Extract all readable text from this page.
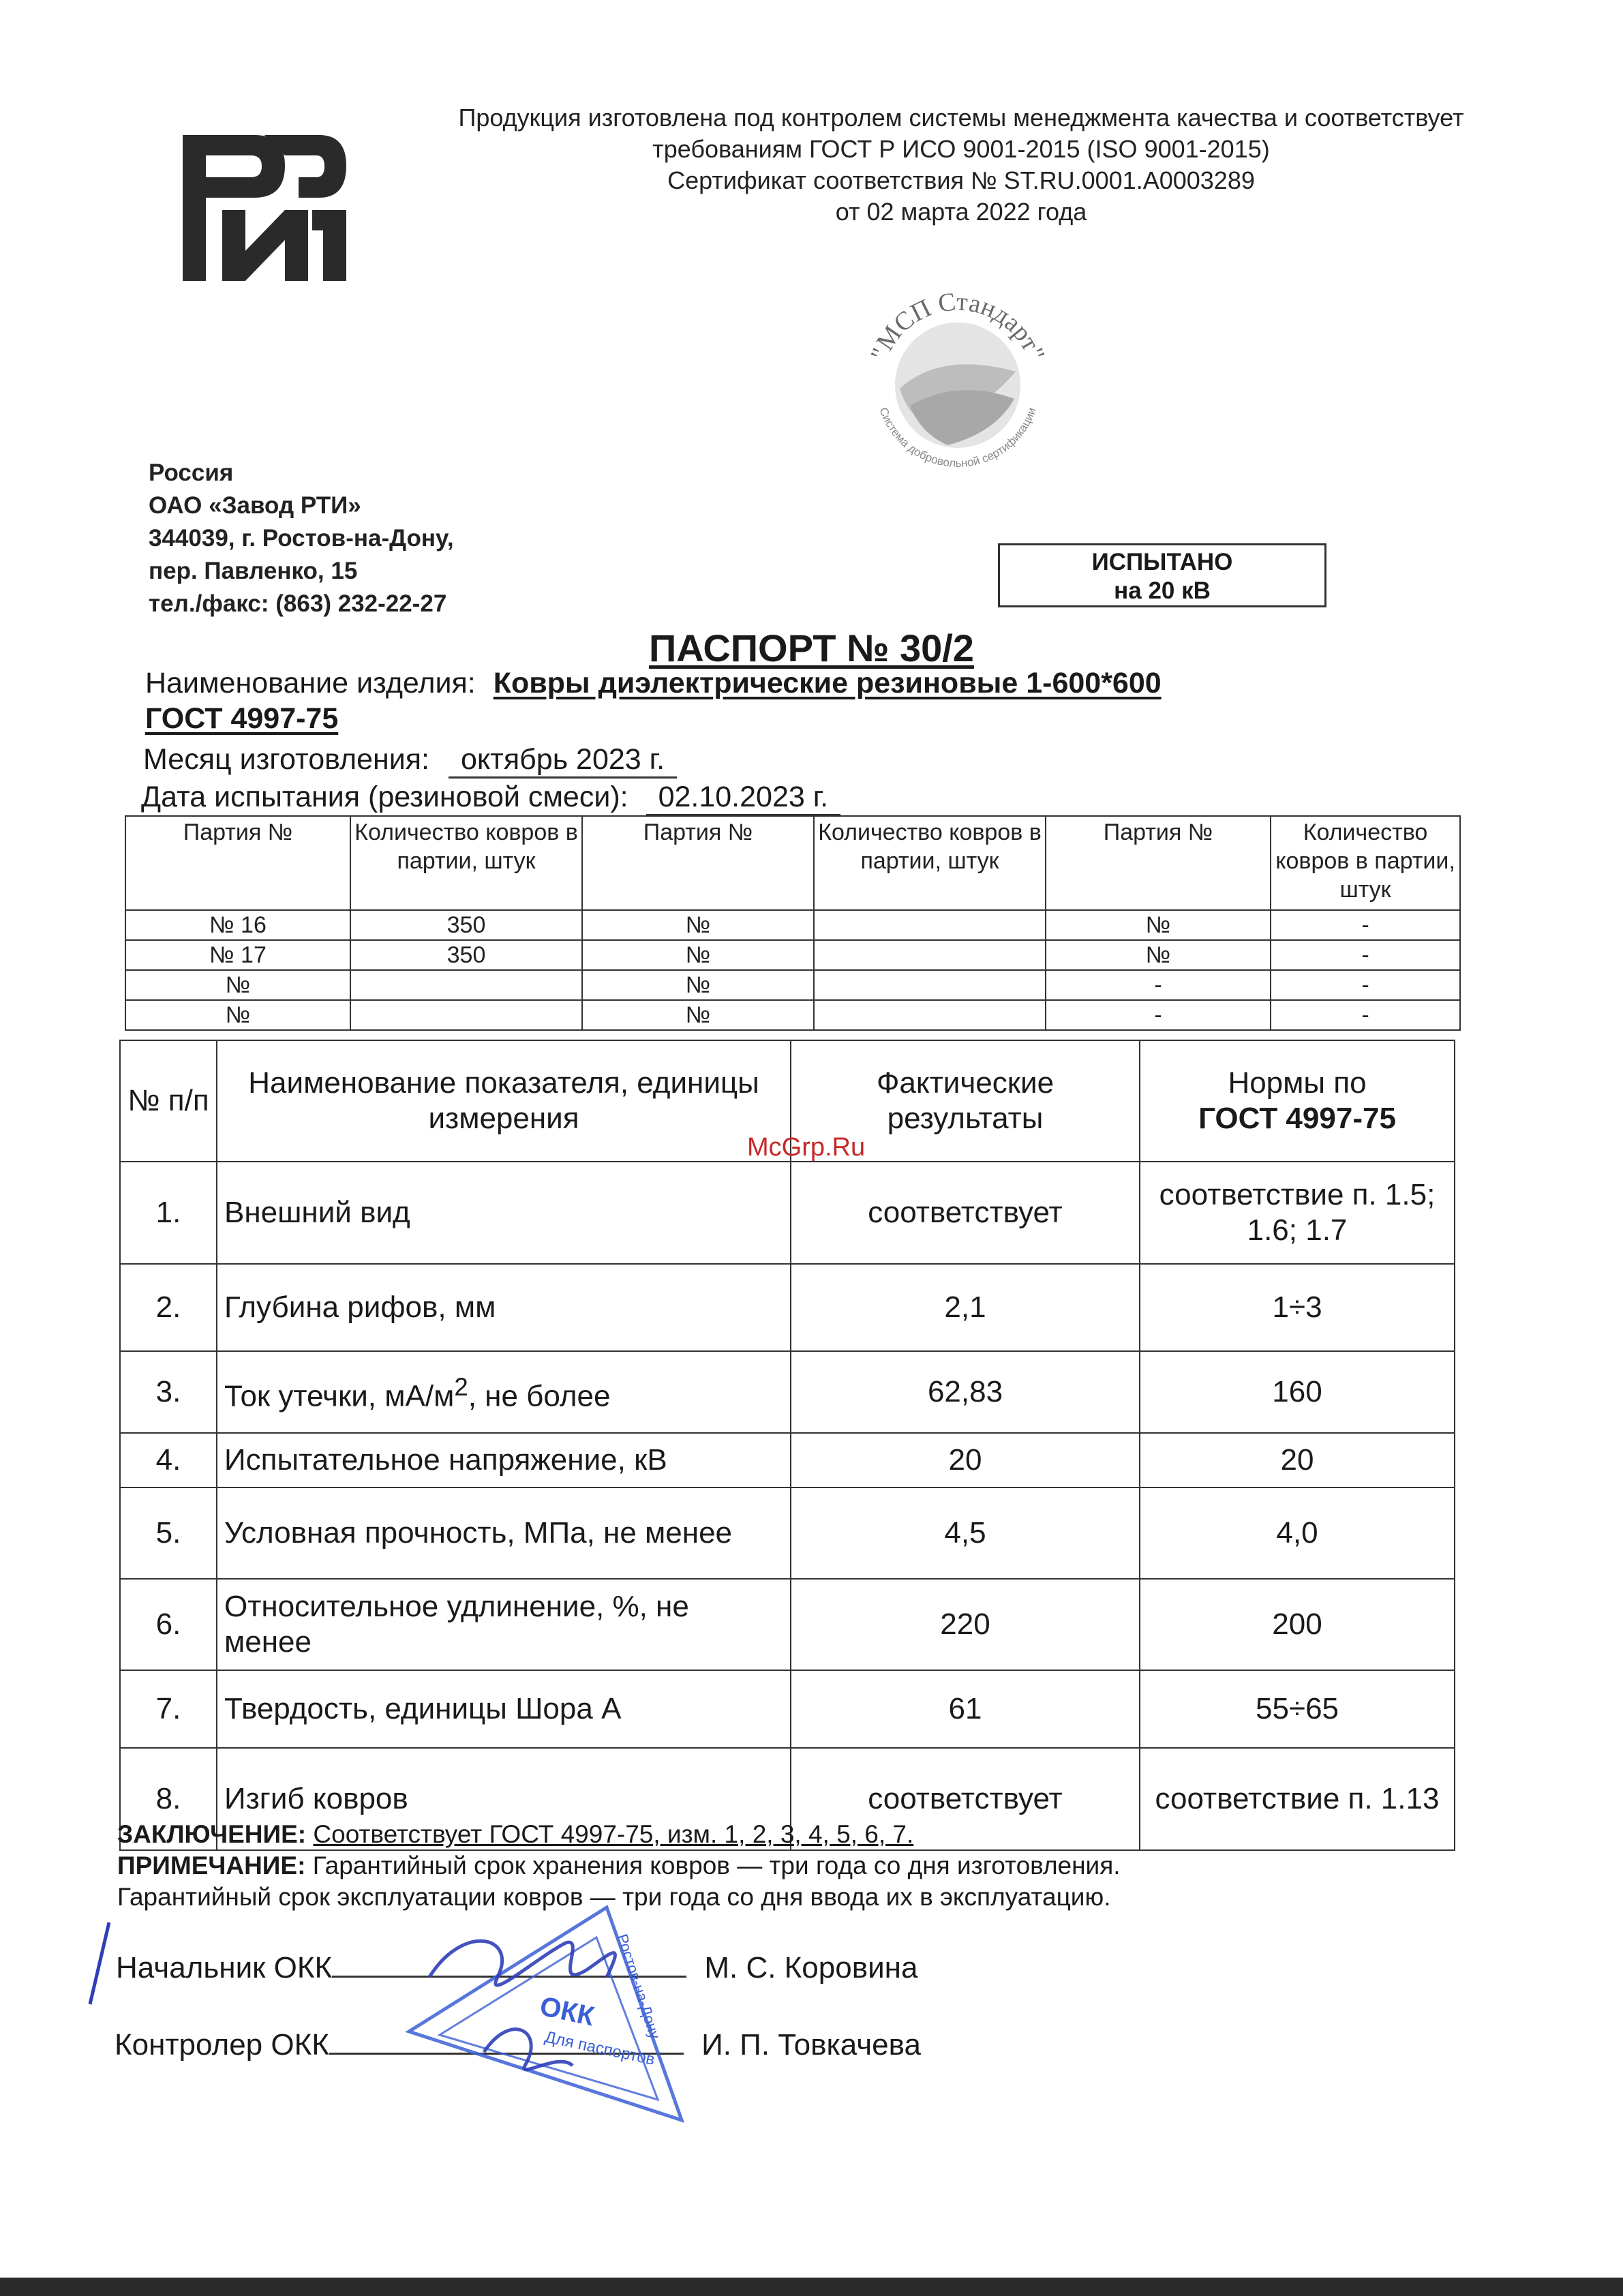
Продукция изготовлена под контролем системы менеджмента качества и соответствует
требованиям ГОСТ Р ИСО 9001-2015 (ISO 9001-2015)
Сертификат соответствия № ST.RU.0001.A0003289
от 02 марта 2022 года
"МСП Стандарт"
Система добровольной сертификации
Россия
ОАО «Завод РТИ»
344039, г. Ростов-на-Дону,
пер. Павленко, 15
тел./факс: (863) 232-22-27
ИСПЫТАНО
на 20 кВ
ПАСПОРТ № 30/2
Наименование изделия: Ковры диэлектрические резиновые 1-600*600
ГОСТ 4997-75
Месяц изготовления: октябрь 2023 г.
Дата испытания (резиновой смеси): 02.10.2023 г.
Партия №	Количество ковров в партии, штук	Партия №	Количество ковров в партии, штук	Партия №	Количество ковров в партии, штук
№ 16	350	№		№	-
№ 17	350	№		№	-
№		№		-	-
№		№		-	-
№ п/п	Наименование показателя, единицы измерения	Фактические результаты	Нормы по
ГОСТ 4997-75

1.	Внешний вид	соответствует	соответствие п. 1.5; 1.6; 1.7
2.	Глубина рифов, мм	2,1	1÷3
3.	Ток утечки, $мА/м^2$, не более	62,83	160
4.	Испытательное напряжение, кВ	20	20
5.	Условная прочность, МПа, не менее	4,5	4,0
6.	Относительное удлинение, %, не менее	220	200
7.	Твердость, единицы Шора А	61	55÷65
8.	Изгиб ковров	соответствует	соответствие п. 1.13
McGrp.Ru
ЗАКЛЮЧЕНИЕ: Соответствует ГОСТ 4997-75, изм. 1, 2, 3, 4, 5, 6, 7.
ПРИМЕЧАНИЕ: Гарантийный срок хранения ковров — три года со дня изготовления.
Гарантийный срок эксплуатации ковров — три года со дня ввода их в эксплуатацию.
Начальник ОКК	М. С. Коровина
Контролер ОКК	И. П. Товкачева
ОКК Ростов-на-Дону
Для паспортов
